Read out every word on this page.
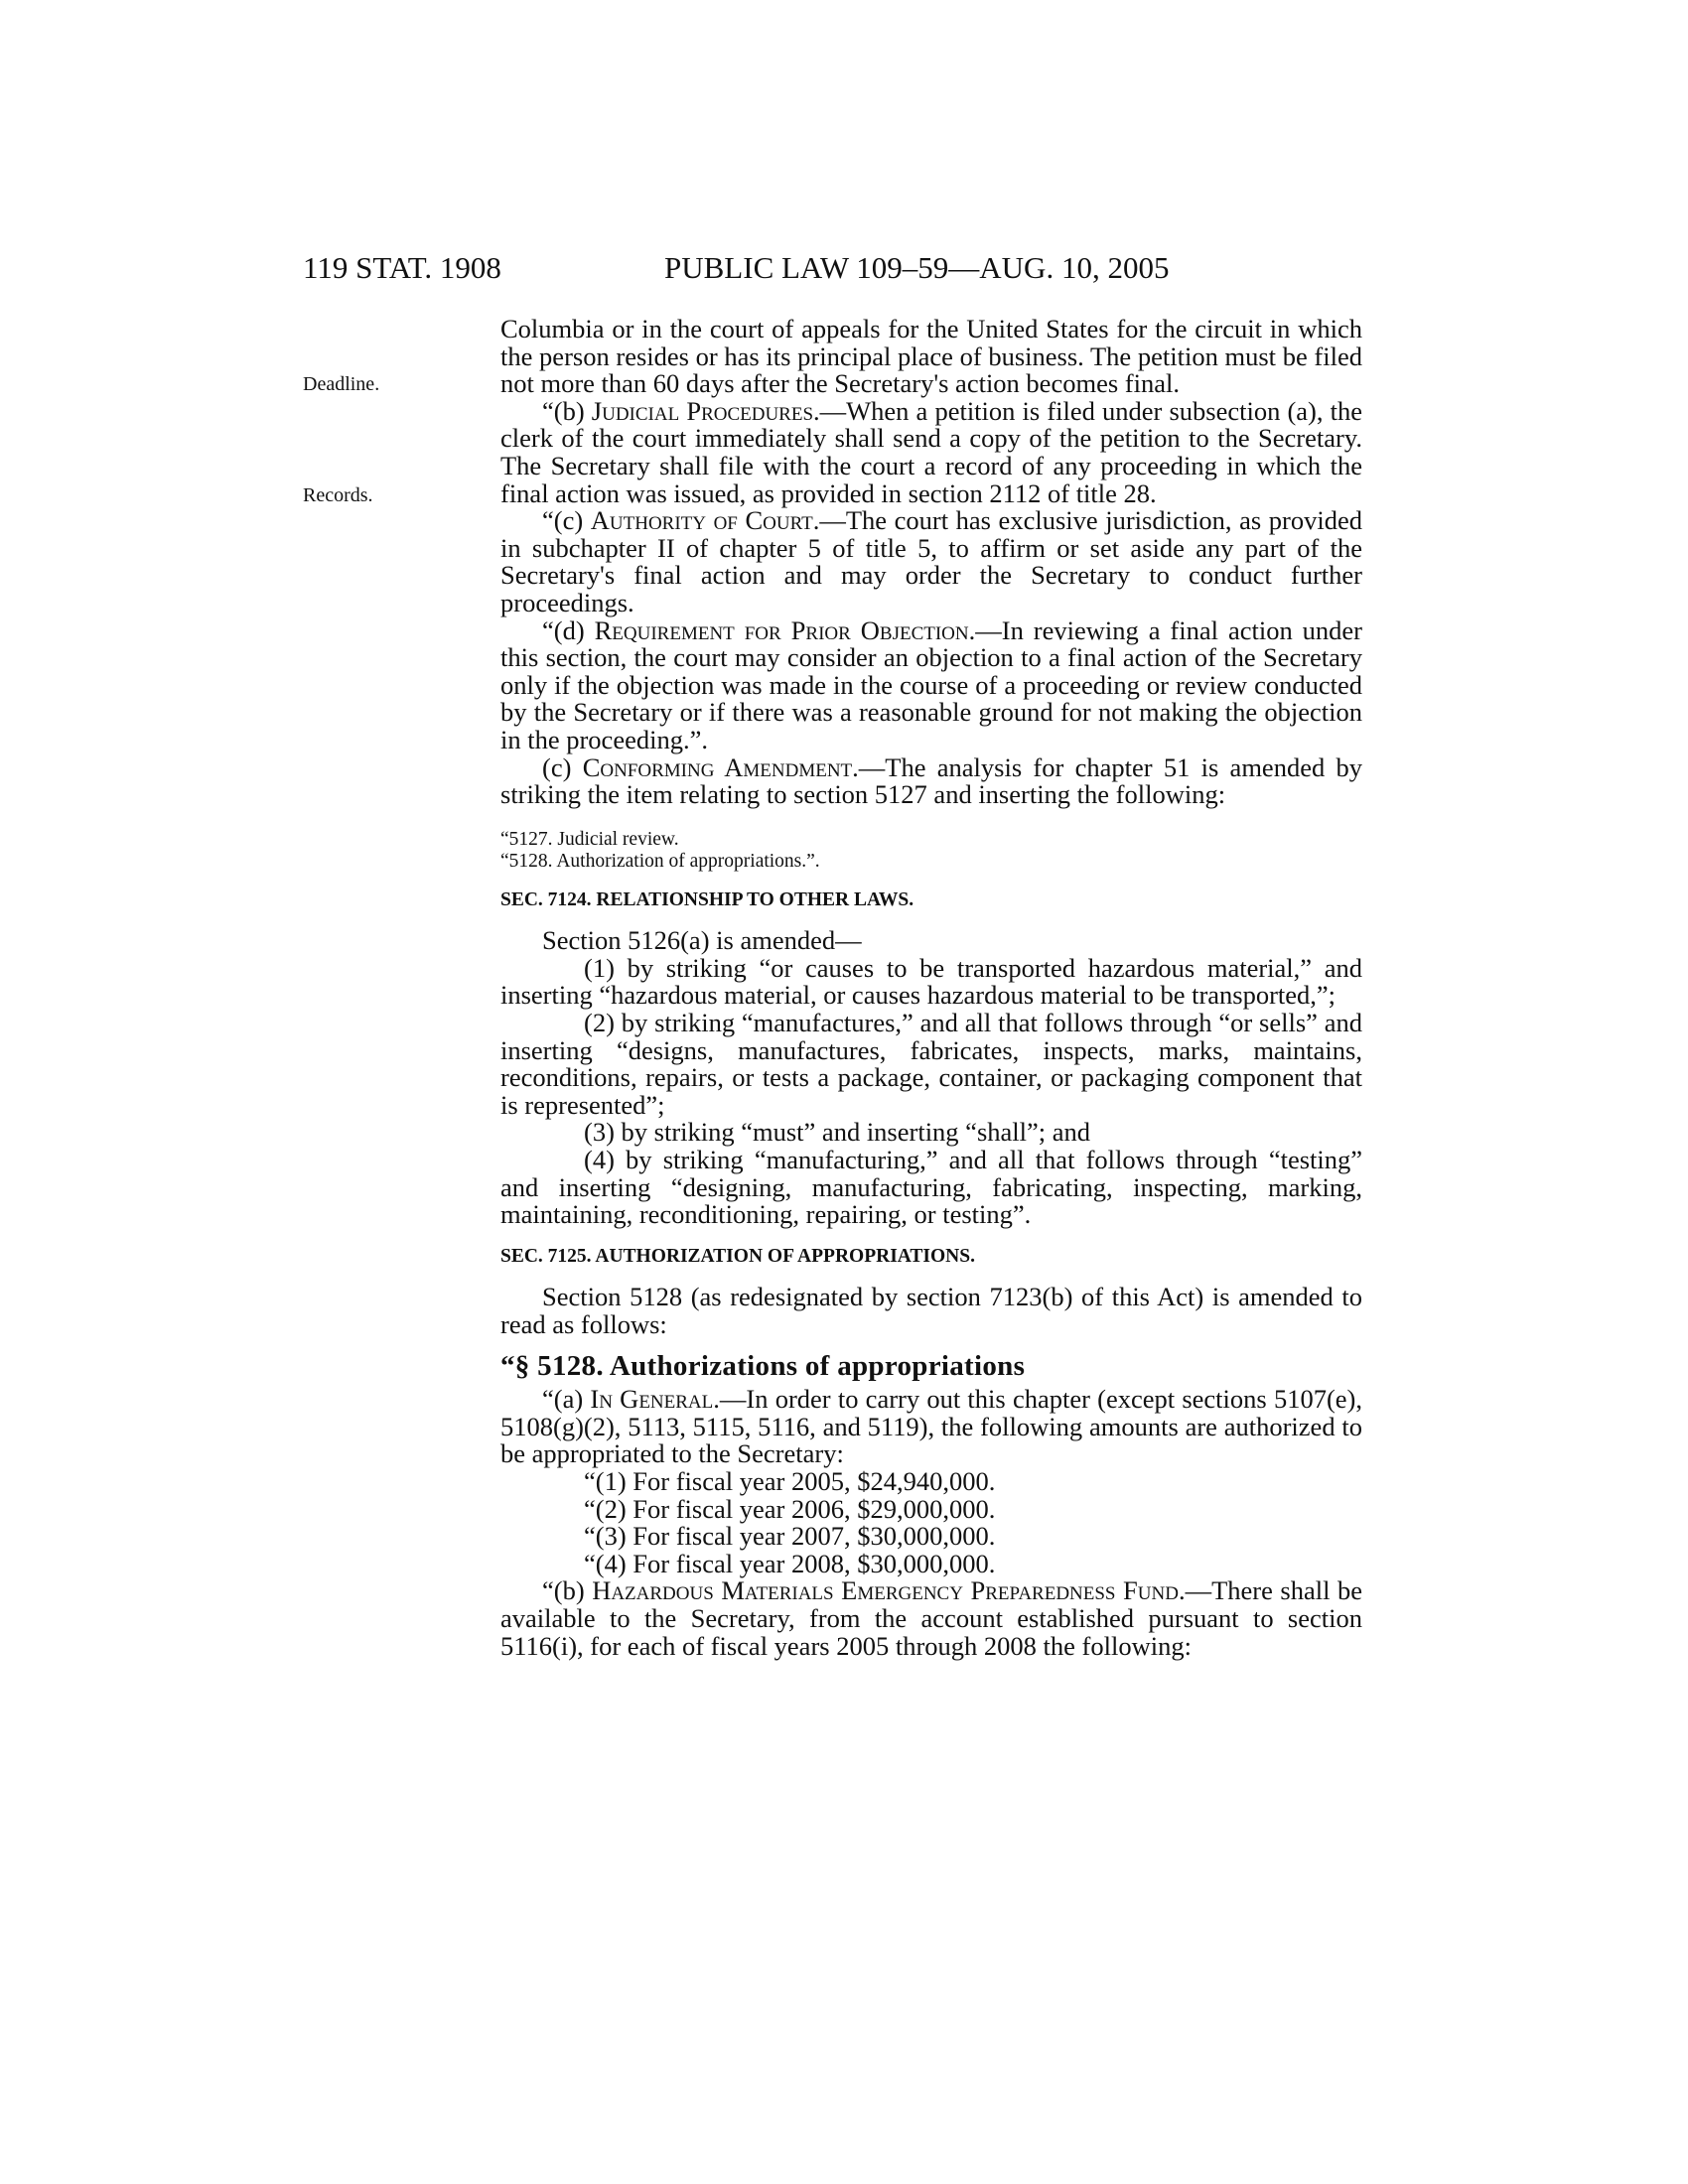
119 STAT. 1908	PUBLIC LAW 109–59—AUG. 10, 2005
Deadline.
Records.

Columbia or in the court of appeals for the United States for the circuit in which the person resides or has its principal place of business. The petition must be filed not more than 60 days after the Secretary's action becomes final.

“(b) Judicial Procedures.—When a petition is filed under subsection (a), the clerk of the court immediately shall send a copy of the petition to the Secretary. The Secretary shall file with the court a record of any proceeding in which the final action was issued, as provided in section 2112 of title 28.

“(c) Authority of Court.—The court has exclusive jurisdiction, as provided in subchapter II of chapter 5 of title 5, to affirm or set aside any part of the Secretary's final action and may order the Secretary to conduct further proceedings.

“(d) Requirement for Prior Objection.—In reviewing a final action under this section, the court may consider an objection to a final action of the Secretary only if the objection was made in the course of a proceeding or review conducted by the Secretary or if there was a reasonable ground for not making the objection in the proceeding.”.

(c) Conforming Amendment.—The analysis for chapter 51 is amended by striking the item relating to section 5127 and inserting the following:

“5127. Judicial review.
“5128. Authorization of appropriations.”.
SEC. 7124. RELATIONSHIP TO OTHER LAWS.

Section 5126(a) is amended—

(1) by striking “or causes to be transported hazardous material,” and inserting “hazardous material, or causes hazardous material to be transported,”;

(2) by striking “manufactures,” and all that follows through “or sells” and inserting “designs, manufactures, fabricates, inspects, marks, maintains, reconditions, repairs, or tests a package, container, or packaging component that is represented”;

(3) by striking “must” and inserting “shall”; and

(4) by striking “manufacturing,” and all that follows through “testing” and inserting “designing, manufacturing, fabricating, inspecting, marking, maintaining, reconditioning, repairing, or testing”.

SEC. 7125. AUTHORIZATION OF APPROPRIATIONS.

Section 5128 (as redesignated by section 7123(b) of this Act) is amended to read as follows:

“§ 5128. Authorizations of appropriations

“(a) In General.—In order to carry out this chapter (except sections 5107(e), 5108(g)(2), 5113, 5115, 5116, and 5119), the following amounts are authorized to be appropriated to the Secretary:

“(1) For fiscal year 2005, $24,940,000.

“(2) For fiscal year 2006, $29,000,000.

“(3) For fiscal year 2007, $30,000,000.

“(4) For fiscal year 2008, $30,000,000.

“(b) Hazardous Materials Emergency Preparedness Fund.—There shall be available to the Secretary, from the account established pursuant to section 5116(i), for each of fiscal years 2005 through 2008 the following:
